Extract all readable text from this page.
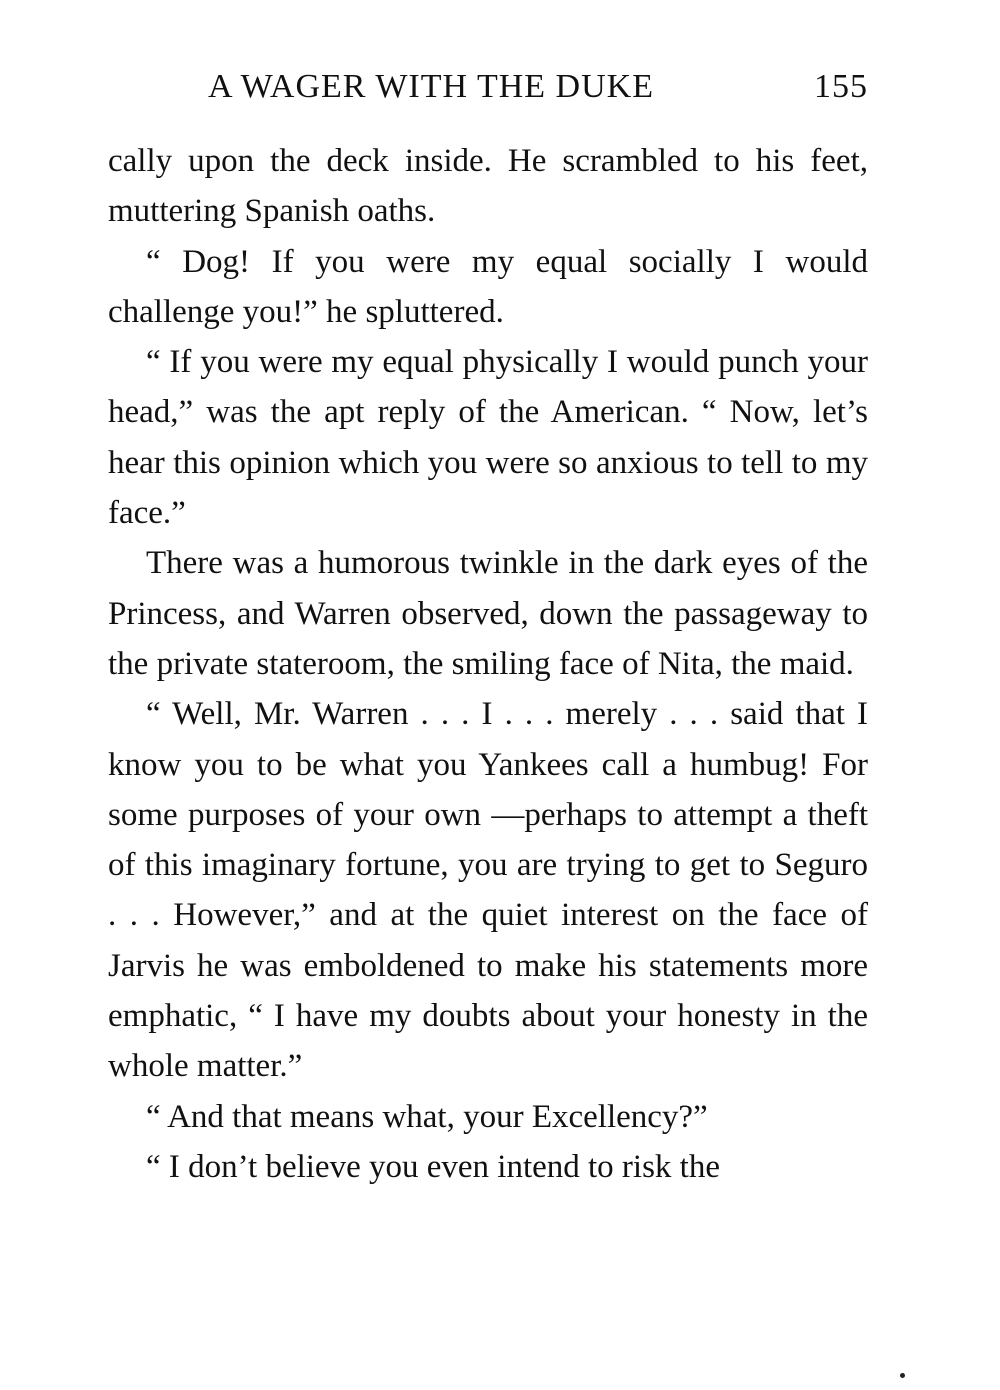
A WAGER WITH THE DUKE	155

cally upon the deck inside. He scrambled to his feet, muttering Spanish oaths.

“ Dog! If you were my equal socially I would challenge you!” he spluttered.

“ If you were my equal physically I would punch your head,” was the apt reply of the American. “ Now, let’s hear this opinion which you were so anxious to tell to my face.”

There was a humorous twinkle in the dark eyes of the Princess, and Warren observed, down the passageway to the private stateroom, the smiling face of Nita, the maid.

“ Well, Mr. Warren . . . I . . . merely . . . said that I know you to be what you Yankees call a humbug! For some purposes of your own —perhaps to attempt a theft of this imaginary fortune, you are trying to get to Seguro . . . However,” and at the quiet interest on the face of Jarvis he was emboldened to make his statements more emphatic, “ I have my doubts about your honesty in the whole matter.”

“ And that means what, your Excellency?”

“ I don’t believe you even intend to risk the
